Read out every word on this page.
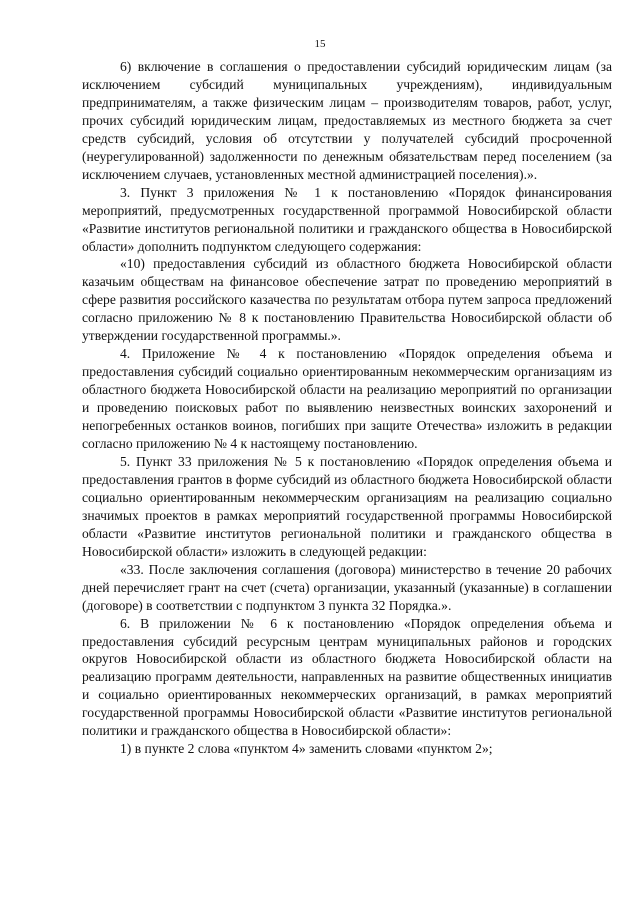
15

6) включение в соглашения о предоставлении субсидий юридическим лицам (за исключением субсидий муниципальных учреждениям), индивидуальным предпринимателям, а также физическим лицам – производителям товаров, работ, услуг, прочих субсидий юридическим лицам, предоставляемых из местного бюджета за счет средств субсидий, условия об отсутствии у получателей субсидий просроченной (неурегулированной) задолженности по денежным обязательствам перед поселением (за исключением случаев, установленных местной администрацией поселения).».

3. Пункт 3 приложения № 1 к постановлению «Порядок финансирования мероприятий, предусмотренных государственной программой Новосибирской области «Развитие институтов региональной политики и гражданского общества в Новосибирской области» дополнить подпунктом следующего содержания:

«10) предоставления субсидий из областного бюджета Новосибирской области казачьим обществам на финансовое обеспечение затрат по проведению мероприятий в сфере развития российского казачества по результатам отбора путем запроса предложений согласно приложению № 8 к постановлению Правительства Новосибирской области об утверждении государственной программы.».

4. Приложение № 4 к постановлению «Порядок определения объема и предоставления субсидий социально ориентированным некоммерческим организациям из областного бюджета Новосибирской области на реализацию мероприятий по организации и проведению поисковых работ по выявлению неизвестных воинских захоронений и непогребенных останков воинов, погибших при защите Отечества» изложить в редакции согласно приложению № 4 к настоящему постановлению.

5. Пункт 33 приложения № 5 к постановлению «Порядок определения объема и предоставления грантов в форме субсидий из областного бюджета Новосибирской области социально ориентированным некоммерческим организациям на реализацию социально значимых проектов в рамках мероприятий государственной программы Новосибирской области «Развитие институтов региональной политики и гражданского общества в Новосибирской области» изложить в следующей редакции:

«33. После заключения соглашения (договора) министерство в течение 20 рабочих дней перечисляет грант на счет (счета) организации, указанный (указанные) в соглашении (договоре) в соответствии с подпунктом 3 пункта 32 Порядка.».

6. В приложении № 6 к постановлению «Порядок определения объема и предоставления субсидий ресурсным центрам муниципальных районов и городских округов Новосибирской области из областного бюджета Новосибирской области на реализацию программ деятельности, направленных на развитие общественных инициатив и социально ориентированных некоммерческих организаций, в рамках мероприятий государственной программы Новосибирской области «Развитие институтов региональной политики и гражданского общества в Новосибирской области»:

1) в пункте 2 слова «пунктом 4» заменить словами «пунктом 2»;
